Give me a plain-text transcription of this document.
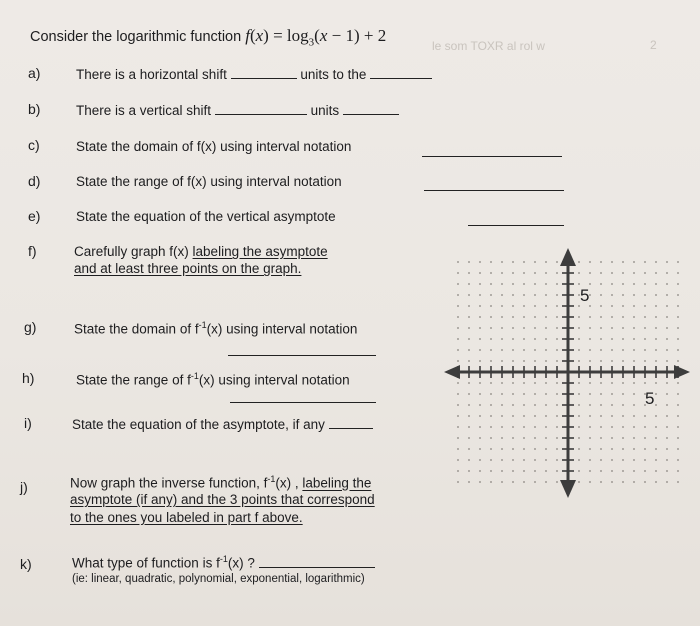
Consider the logarithmic function $f(x) = \log_3(x - 1) + 2$
le som TOXR al rol w	2
a)	There is a horizontal shift	units to the
b)	There is a vertical shift	units
c)	State the domain of f(x) using interval notation
d)	State the range of f(x) using interval notation
e)	State the equation of the vertical asymptote
f)	Carefully graph f(x) labeling the asymptote
and at least three points on the graph.
g)	State the domain of $f^{-1}(x)$ using interval notation
h)	State the range of $f^{-1}(x)$ using interval notation
i)	State the equation of the asymptote, if any
j)	Now graph the inverse function, $f^{-1}(x)$ , labeling the
asymptote (if any) and the 3 points that correspond
to the ones you labeled in part f above.
k)	What type of function is $f^{-1}(x)$ ?
(ie: linear, quadratic, polynomial, exponential, logarithmic)
5
5
